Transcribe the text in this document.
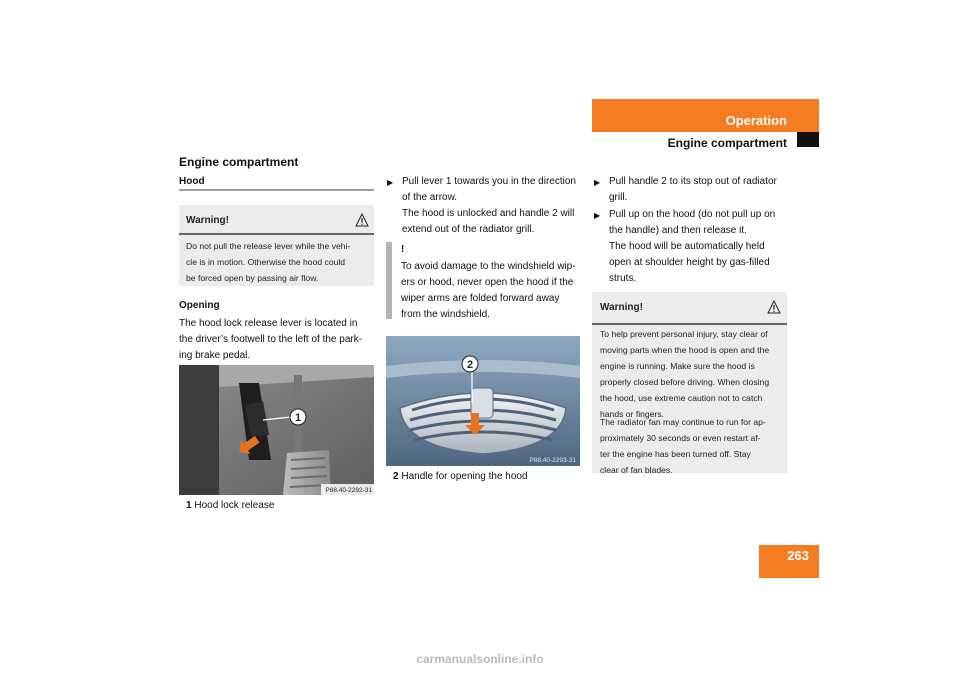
Operation
Engine compartment
Engine compartment
Hood
Warning!
Do not pull the release lever while the vehi-
cle is in motion. Otherwise the hood could
be forced open by passing air flow.
Opening
The hood lock release lever is located in
the driver’s footwell to the left of the park-
ing brake pedal.
1
P88.40-2292-31
1 Hood lock release
▶ Pull lever 1 towards you in the direction
of the arrow.
The hood is unlocked and handle 2 will
extend out of the radiator grill.
!
To avoid damage to the windshield wip-
ers or hood, never open the hood if the
wiper arms are folded forward away
from the windshield.
2
P88.40-2293-31
2 Handle for opening the hood
▶ Pull handle 2 to its stop out of radiator
grill.
▶ Pull up on the hood (do not pull up on
the handle) and then release it.
The hood will be automatically held
open at shoulder height by gas-filled
struts.
Warning!
To help prevent personal injury, stay clear of
moving parts when the hood is open and the
engine is running. Make sure the hood is
properly closed before driving. When closing
the hood, use extreme caution not to catch
hands or fingers.
The radiator fan may continue to run for ap-
proximately 30 seconds or even restart af-
ter the engine has been turned off. Stay
clear of fan blades.
263
carmanualsonline.info
